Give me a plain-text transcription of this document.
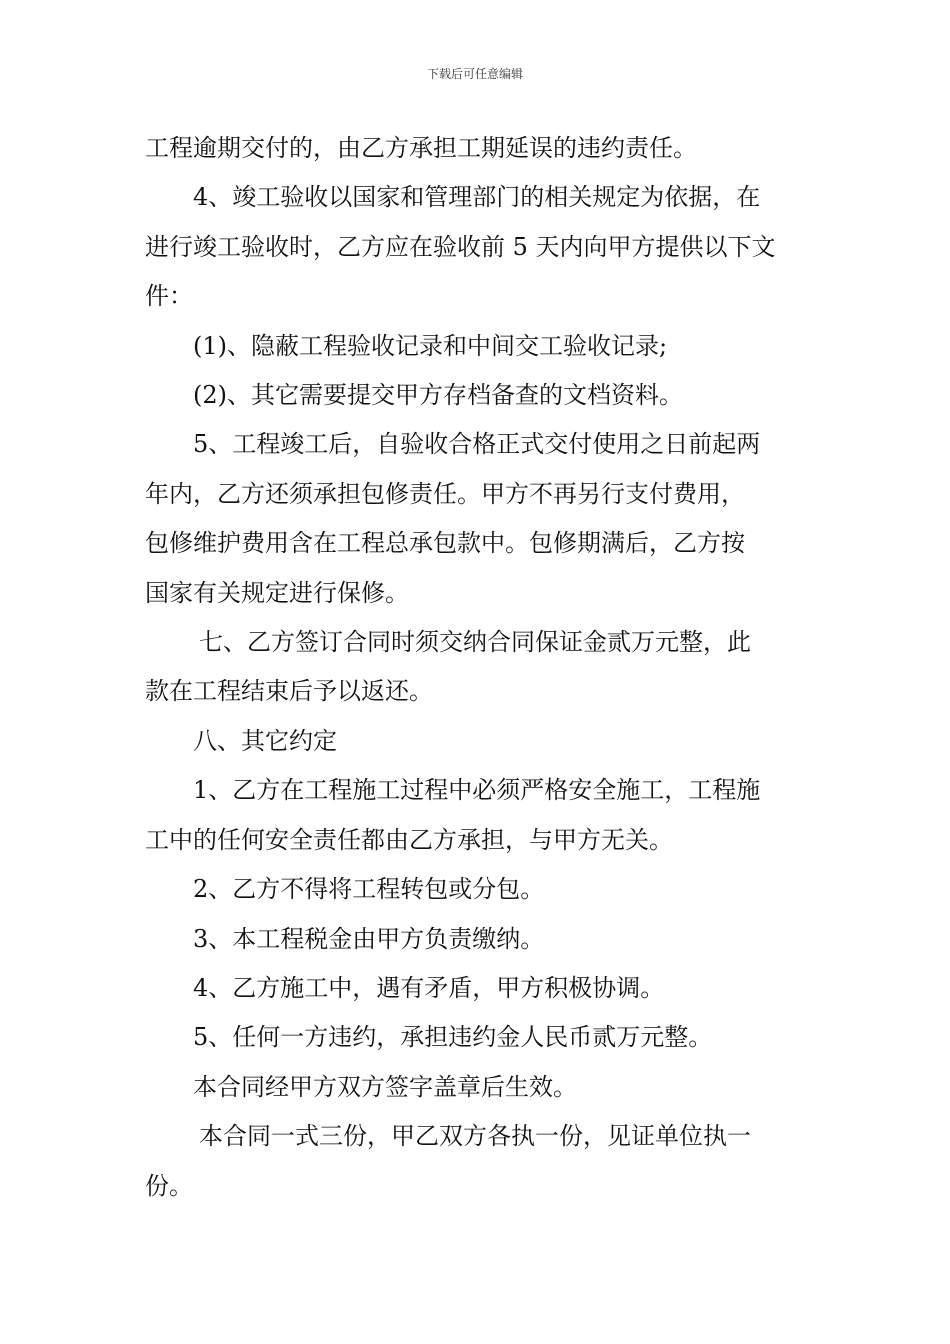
下载后可任意编辑
工程逾期交付的，由乙方承担工期延误的违约责任。
4、竣工验收以国家和管理部门的相关规定为依据，在
进行竣工验收时，乙方应在验收前 5 天内向甲方提供以下文
件：
(1)、隐蔽工程验收记录和中间交工验收记录;
(2)、其它需要提交甲方存档备查的文档资料。
5、工程竣工后，自验收合格正式交付使用之日前起两
年内，乙方还须承担包修责任。甲方不再另行支付费用，
包修维护费用含在工程总承包款中。包修期满后，乙方按
国家有关规定进行保修。
七、乙方签订合同时须交纳合同保证金贰万元整，此
款在工程结束后予以返还。
八、其它约定
1、乙方在工程施工过程中必须严格安全施工，工程施
工中的任何安全责任都由乙方承担，与甲方无关。
2、乙方不得将工程转包或分包。
3、本工程税金由甲方负责缴纳。
4、乙方施工中，遇有矛盾，甲方积极协调。
5、任何一方违约，承担违约金人民币贰万元整。
本合同经甲方双方签字盖章后生效。
本合同一式三份，甲乙双方各执一份，见证单位执一
份。
